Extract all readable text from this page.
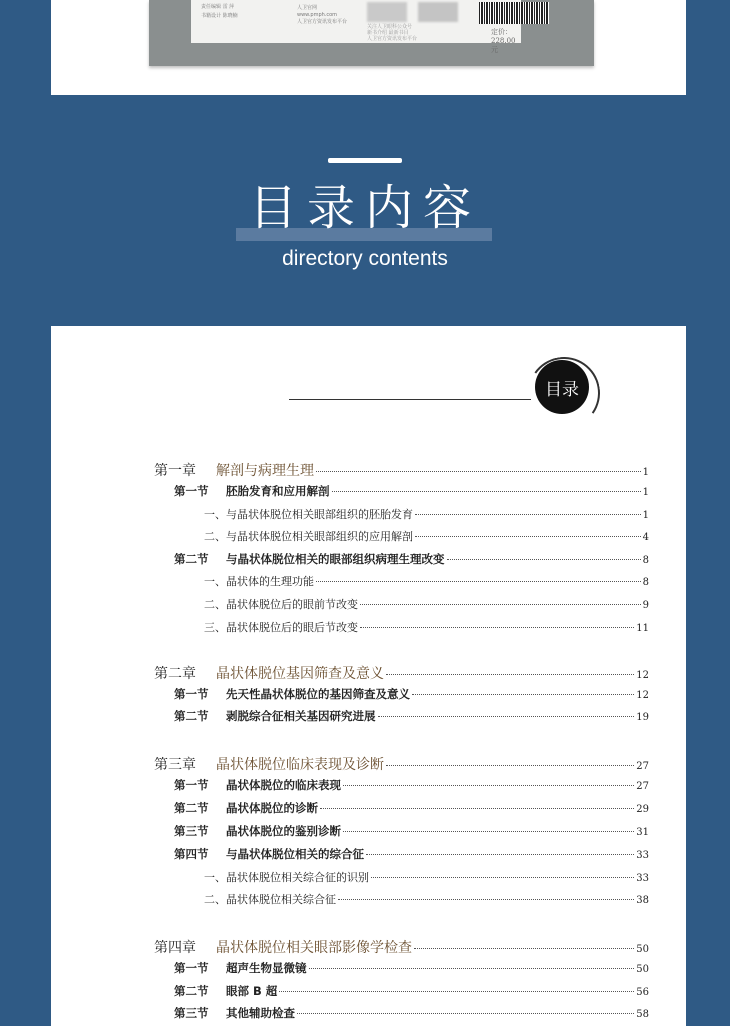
责任编辑 雷 萍
书籍设计 陈晓楠
人卫官网
www.pmph.com
人卫官方资讯发布平台
关注人卫眼科公众号
新书介绍 最新书目
人卫官方资讯发布平台
定价：228.00元
目录内容
directory contents
目录
第一章 解剖与病理生理	1
第一节 胚胎发育和应用解剖	1
一、与晶状体脱位相关眼部组织的胚胎发育	1
二、与晶状体脱位相关眼部组织的应用解剖	4
第二节 与晶状体脱位相关的眼部组织病理生理改变	8
一、晶状体的生理功能	8
二、晶状体脱位后的眼前节改变	9
三、晶状体脱位后的眼后节改变	11
第二章 晶状体脱位基因筛查及意义	12
第一节 先天性晶状体脱位的基因筛查及意义	12
第二节 剥脱综合征相关基因研究进展	19
第三章 晶状体脱位临床表现及诊断	27
第一节 晶状体脱位的临床表现	27
第二节 晶状体脱位的诊断	29
第三节 晶状体脱位的鉴别诊断	31
第四节 与晶状体脱位相关的综合征	33
一、晶状体脱位相关综合征的识别	33
二、晶状体脱位相关综合征	38
第四章 晶状体脱位相关眼部影像学检查	50
第一节 超声生物显微镜	50
第二节 眼部 B 超	56
第三节 其他辅助检查	58
